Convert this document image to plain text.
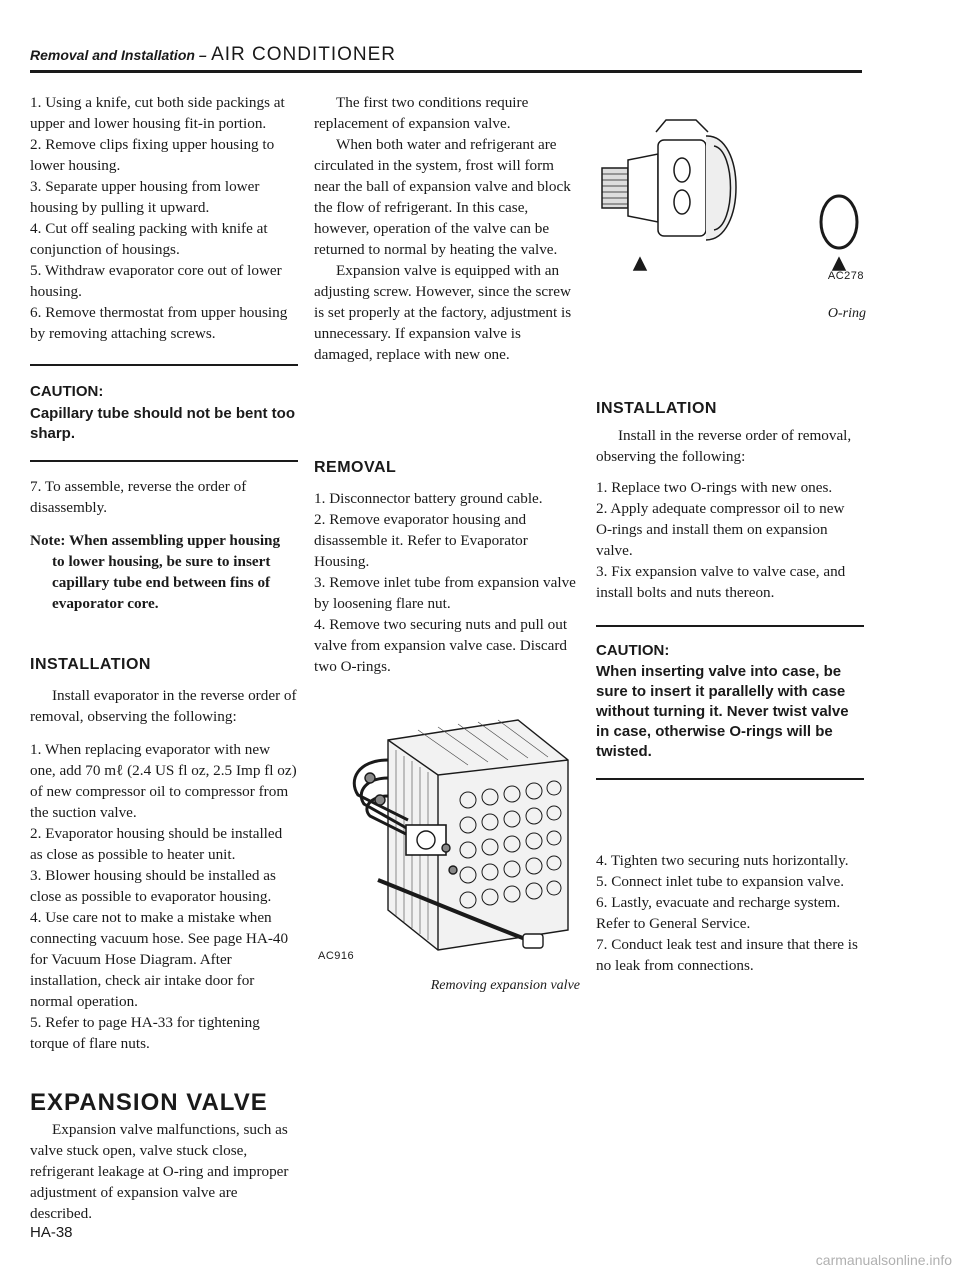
Removal and Installation – AIR CONDITIONER
1. Using a knife, cut both side packings at upper and lower housing fit-in portion.
2. Remove clips fixing upper housing to lower housing.
3. Separate upper housing from lower housing by pulling it upward.
4. Cut off sealing packing with knife at conjunction of housings.
5. Withdraw evaporator core out of lower housing.
6. Remove thermostat from upper housing by removing attaching screws.
CAUTION:
Capillary tube should not be bent too sharp.

7. To assemble, reverse the order of disassembly.

Note: When assembling upper housing
to lower housing, be sure to insert capillary tube end between fins of evaporator core.
INSTALLATION

Install evaporator in the reverse order of removal, observing the following:

1. When replacing evaporator with new one, add 70 mℓ (2.4 US fl oz, 2.5 Imp fl oz) of new compressor oil to compressor from the suction valve.
2. Evaporator housing should be installed as close as possible to heater unit.
3. Blower housing should be installed as close as possible to evaporator housing.
4. Use care not to make a mistake when connecting vacuum hose. See page HA-40 for Vacuum Hose Diagram. After installation, check air intake door for normal operation.
5. Refer to page HA-33 for tightening torque of flare nuts.
EXPANSION VALVE

Expansion valve malfunctions, such as valve stuck open, valve stuck close, refrigerant leakage at O-ring and improper adjustment of expansion valve are described.

The first two conditions require replacement of expansion valve.

When both water and refrigerant are circulated in the system, frost will form near the ball of expansion valve and block the flow of refrigerant. In this case, however, operation of the valve can be returned to normal by heating the valve.

Expansion valve is equipped with an adjusting screw. However, since the screw is set properly at the factory, adjustment is unnecessary. If expansion valve is damaged, replace with new one.

REMOVAL
1. Disconnector battery ground cable.
2. Remove evaporator housing and disassemble it. Refer to Evaporator Housing.
3. Remove inlet tube from expansion valve by loosening flare nut.
4. Remove two securing nuts and pull out valve from expansion valve case. Discard two O-rings.
AC916
Removing expansion valve
AC278
O-ring
INSTALLATION

Install in the reverse order of removal, observing the following:

1. Replace two O-rings with new ones.
2. Apply adequate compressor oil to new O-rings and install them on expansion valve.
3. Fix expansion valve to valve case, and install bolts and nuts thereon.
CAUTION:
When inserting valve into case, be sure to insert it parallelly with case without turning it. Never twist valve in case, otherwise O-rings will be twisted.
4. Tighten two securing nuts horizontally.
5. Connect inlet tube to expansion valve.
6. Lastly, evacuate and recharge system. Refer to General Service.
7. Conduct leak test and insure that there is no leak from connections.
HA-38
carmanualsonline.info
